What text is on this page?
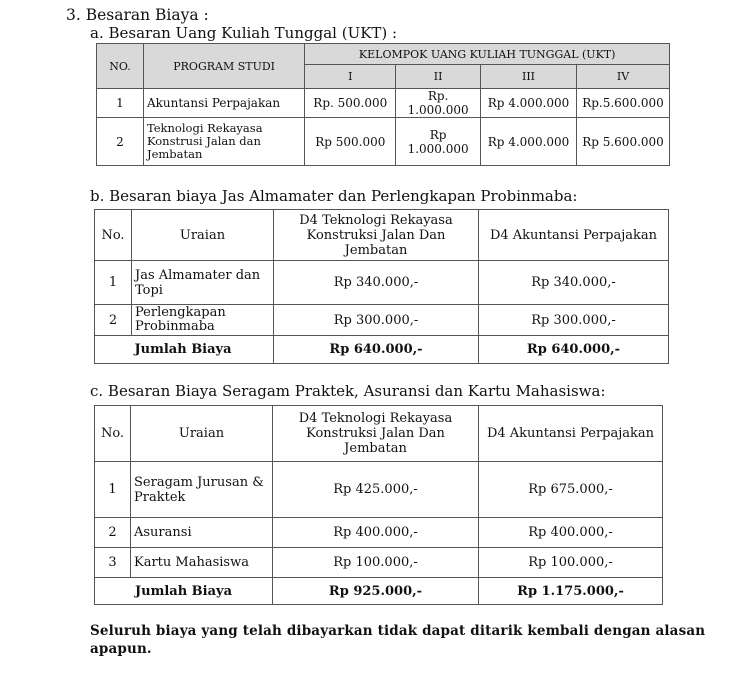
3. Besaran Biaya :
a. Besaran Uang Kuliah Tunggal (UKT) :
NO.	PROGRAM STUDI	KELOMPOK UANG KULIAH TUNGGAL (UKT)			
		I	II	III	IV
1	Akuntansi Perpajakan	Rp. 500.000	Rp. 1.000.000	Rp 4.000.000	Rp.5.600.000
2	Teknologi Rekayasa Konstrusi Jalan dan Jembatan	Rp 500.000	Rp 1.000.000	Rp 4.000.000	Rp 5.600.000
b. Besaran biaya Jas Almamater dan Perlengkapan Probinmaba:
No.	Uraian	D4 Teknologi Rekayasa Konstruksi Jalan Dan Jembatan	D4 Akuntansi Perpajakan
1	Jas Almamater dan Topi	Rp 340.000,-	Rp 340.000,-
2	Perlengkapan Probinmaba	Rp 300.000,-	Rp 300.000,-
	Jumlah Biaya	Rp 640.000,-	Rp 640.000,-
c. Besaran Biaya Seragam Praktek, Asuransi dan Kartu Mahasiswa:
No.	Uraian	D4 Teknologi Rekayasa Konstruksi Jalan Dan Jembatan	D4 Akuntansi Perpajakan
1	Seragam Jurusan & Praktek	Rp 425.000,-	Rp 675.000,-
2	Asuransi	Rp 400.000,-	Rp 400.000,-
3	Kartu Mahasiswa	Rp 100.000,-	Rp 100.000,-
Jumlah Biaya		Rp 925.000,-	Rp 1.175.000,-
Seluruh biaya yang telah dibayarkan tidak dapat ditarik kembali dengan alasan apapun.
